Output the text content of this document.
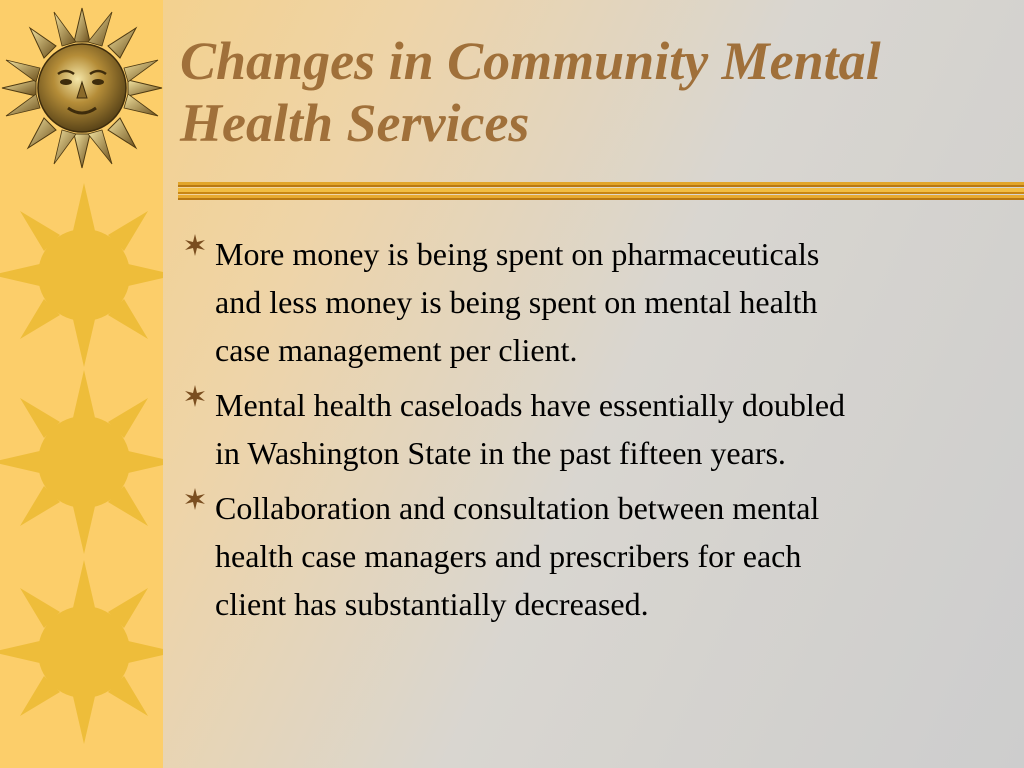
Changes in Community Mental
Health Services
More money is being spent on pharmaceuticals
and less money is being spent on mental health
case management per client.
Mental health caseloads have essentially doubled
in Washington State in the past fifteen years.
Collaboration and consultation between mental
health case managers and prescribers for each
client has substantially decreased.
